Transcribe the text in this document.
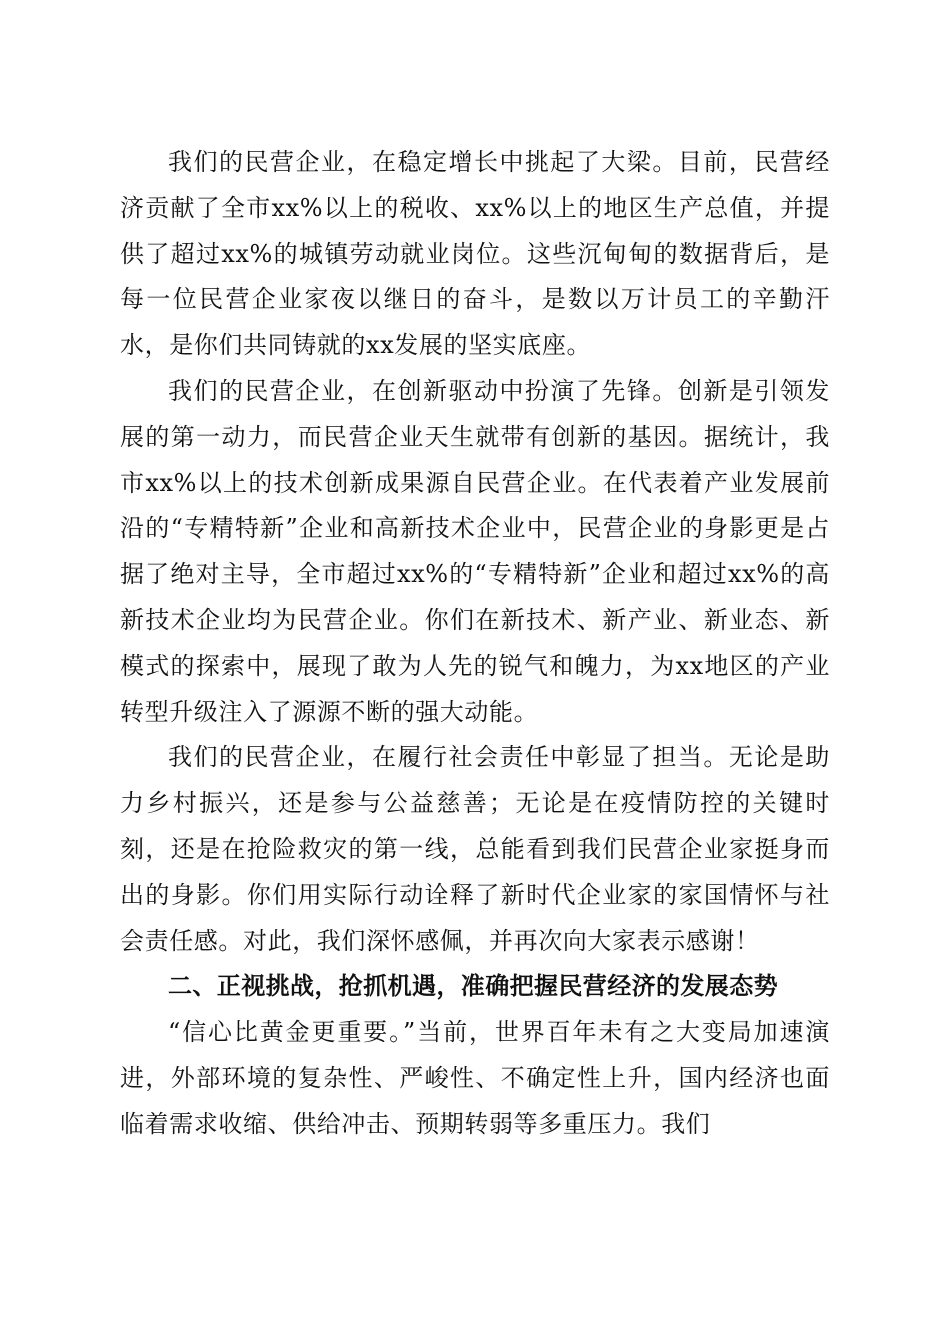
我们的民营企业，在稳定增长中挑起了大梁。目前，民营经济贡献了全市xx%以上的税收、xx%以上的地区生产总值，并提供了超过xx%的城镇劳动就业岗位。这些沉甸甸的数据背后，是每一位民营企业家夜以继日的奋斗，是数以万计员工的辛勤汗水，是你们共同铸就的xx发展的坚实底座。

我们的民营企业，在创新驱动中扮演了先锋。创新是引领发展的第一动力，而民营企业天生就带有创新的基因。据统计，我市xx%以上的技术创新成果源自民营企业。在代表着产业发展前沿的“专精特新”企业和高新技术企业中，民营企业的身影更是占据了绝对主导，全市超过xx%的“专精特新”企业和超过xx%的高新技术企业均为民营企业。你们在新技术、新产业、新业态、新模式的探索中，展现了敢为人先的锐气和魄力，为xx地区的产业转型升级注入了源源不断的强大动能。

我们的民营企业，在履行社会责任中彰显了担当。无论是助力乡村振兴，还是参与公益慈善；无论是在疫情防控的关键时刻，还是在抢险救灾的第一线，总能看到我们民营企业家挺身而出的身影。你们用实际行动诠释了新时代企业家的家国情怀与社会责任感。对此，我们深怀感佩，并再次向大家表示感谢！

二、正视挑战，抢抓机遇，准确把握民营经济的发展态势

“信心比黄金更重要。”当前，世界百年未有之大变局加速演进，外部环境的复杂性、严峻性、不确定性上升，国内经济也面临着需求收缩、供给冲击、预期转弱等多重压力。我们
